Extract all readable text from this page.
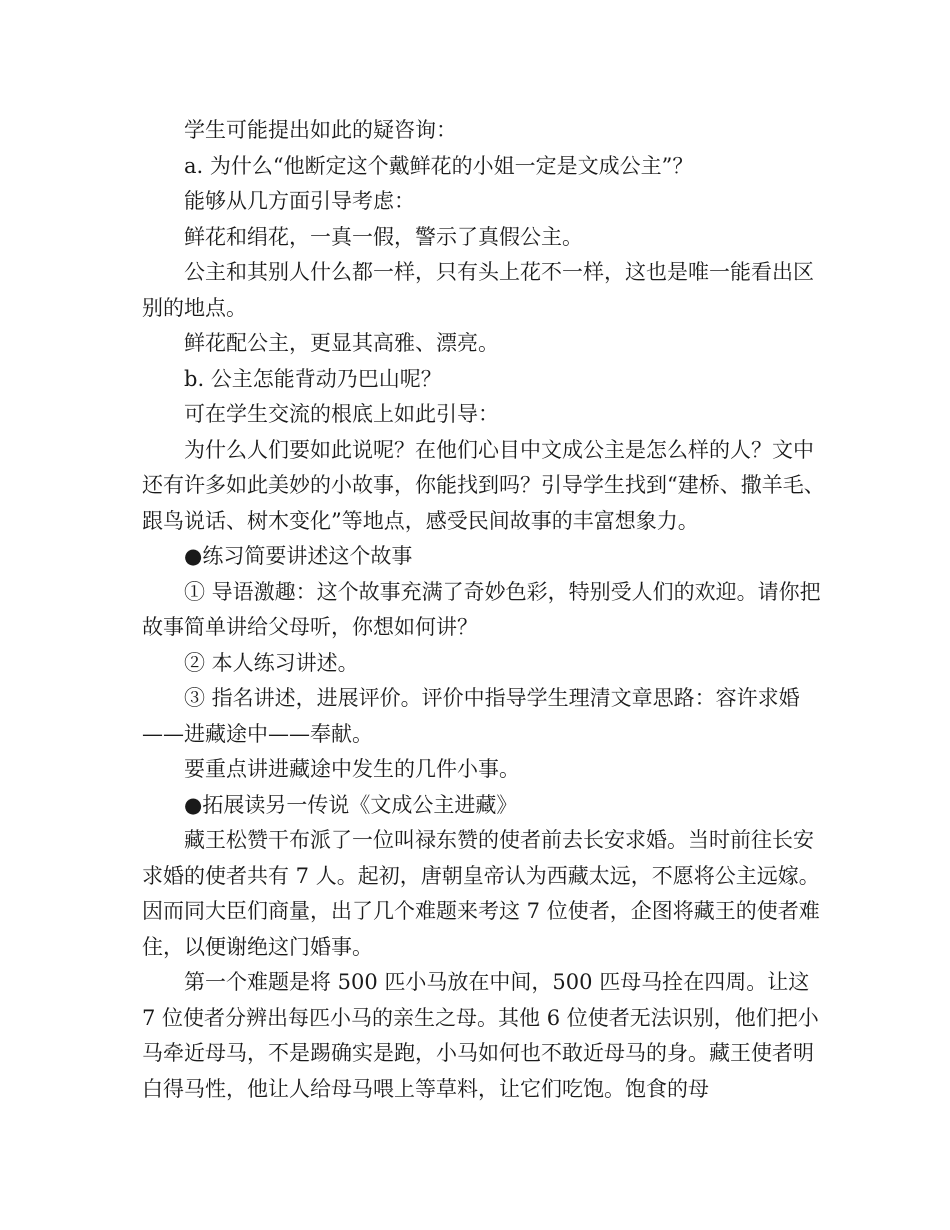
学生可能提出如此的疑咨询：

a. 为什么“他断定这个戴鲜花的小姐一定是文成公主”？

能够从几方面引导考虑：

鲜花和绢花，一真一假，警示了真假公主。

公主和其别人什么都一样，只有头上花不一样，这也是唯一能看出区别的地点。

鲜花配公主，更显其高雅、漂亮。

b. 公主怎能背动乃巴山呢？

可在学生交流的根底上如此引导：

为什么人们要如此说呢？在他们心目中文成公主是怎么样的人？文中还有许多如此美妙的小故事，你能找到吗？引导学生找到“建桥、撒羊毛、跟鸟说话、树木变化”等地点，感受民间故事的丰富想象力。

●练习简要讲述这个故事

① 导语激趣：这个故事充满了奇妙色彩，特别受人们的欢迎。请你把故事简单讲给父母听，你想如何讲？

② 本人练习讲述。

③ 指名讲述，进展评价。评价中指导学生理清文章思路：容许求婚——进藏途中——奉献。

要重点讲进藏途中发生的几件小事。

●拓展读另一传说《文成公主进藏》

藏王松赞干布派了一位叫禄东赞的使者前去长安求婚。当时前往长安求婚的使者共有 7 人。起初，唐朝皇帝认为西藏太远，不愿将公主远嫁。因而同大臣们商量，出了几个难题来考这 7 位使者，企图将藏王的使者难住，以便谢绝这门婚事。

第一个难题是将 500 匹小马放在中间，500 匹母马拴在四周。让这 7 位使者分辨出每匹小马的亲生之母。其他 6 位使者无法识别，他们把小马牵近母马，不是踢确实是跑，小马如何也不敢近母马的身。藏王使者明白得马性，他让人给母马喂上等草料，让它们吃饱。饱食的母
